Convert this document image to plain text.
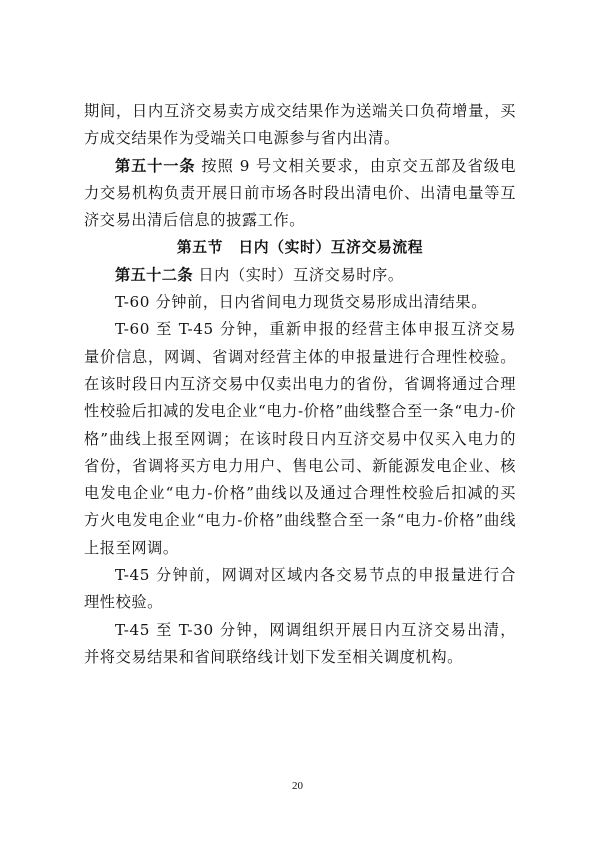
期间，日内互济交易卖方成交结果作为送端关口负荷增量，买方成交结果作为受端关口电源参与省内出清。

第五十一条 按照 9 号文相关要求，由京交五部及省级电力交易机构负责开展日前市场各时段出清电价、出清电量等互济交易出清后信息的披露工作。

第五节　日内（实时）互济交易流程

第五十二条 日内（实时）互济交易时序。

T-60 分钟前，日内省间电力现货交易形成出清结果。

T-60 至 T-45 分钟，重新申报的经营主体申报互济交易量价信息，网调、省调对经营主体的申报量进行合理性校验。在该时段日内互济交易中仅卖出电力的省份，省调将通过合理性校验后扣减的发电企业“电力-价格”曲线整合至一条“电力-价格”曲线上报至网调；在该时段日内互济交易中仅买入电力的省份，省调将买方电力用户、售电公司、新能源发电企业、核电发电企业“电力-价格”曲线以及通过合理性校验后扣减的买方火电发电企业“电力-价格”曲线整合至一条“电力-价格”曲线上报至网调。

T-45 分钟前，网调对区域内各交易节点的申报量进行合理性校验。

T-45 至 T-30 分钟，网调组织开展日内互济交易出清，并将交易结果和省间联络线计划下发至相关调度机构。

20
